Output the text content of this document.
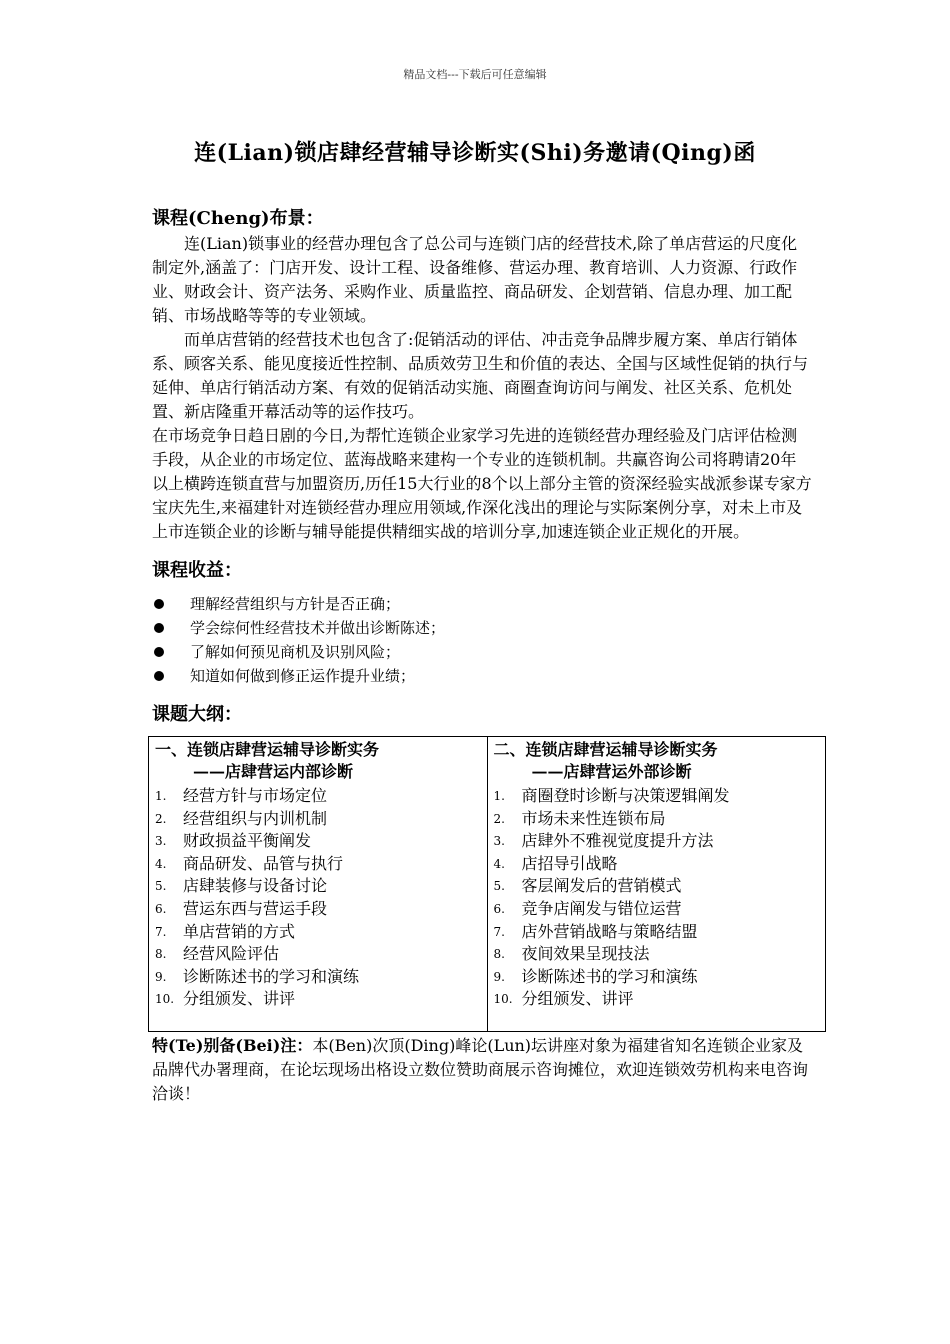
精品文档---下载后可任意编辑
连(Lian)锁店肆经营辅导诊断实(Shi)务邀请(Qing)函
课程(Cheng)布景：

连(Lian)锁事业的经营办理包含了总公司与连锁门店的经营技术,除了单店营运的尺度化制定外,涵盖了：门店开发、设计工程、设备维修、营运办理、教育培训、人力资源、行政作业、财政会计、资产法务、采购作业、质量监控、商品研发、企划营销、信息办理、加工配销、市场战略等等的专业领域。

而单店营销的经营技术也包含了:促销活动的评估、冲击竞争品牌步履方案、单店行销体系、顾客关系、能见度接近性控制、品质效劳卫生和价值的表达、全国与区域性促销的执行与延伸、单店行销活动方案、有效的促销活动实施、商圈查询访问与阐发、社区关系、危机处置、新店隆重开幕活动等的运作技巧。

在市场竞争日趋日剧的今日,为帮忙连锁企业家学习先进的连锁经营办理经验及门店评估检测手段，从企业的市场定位、蓝海战略来建构一个专业的连锁机制。共赢咨询公司将聘请20年以上横跨连锁直营与加盟资历,历任15大行业的8个以上部分主管的资深经验实战派参谋专家方宝庆先生,来福建针对连锁经营办理应用领域,作深化浅出的理论与实际案例分享，对未上市及上市连锁企业的诊断与辅导能提供精细实战的培训分享,加速连锁企业正规化的开展。

课程收益：
理解经营组织与方针是否正确；
学会综何性经营技术并做出诊断陈述；
了解如何预见商机及识别风险；
知道如何做到修正运作提升业绩；
课题大纲：
一、连锁店肆营运辅导诊断实务
——店肆营运内部诊断
1.	经营方针与市场定位
2.	经营组织与内训机制
3.	财政损益平衡阐发
4.	商品研发、品管与执行
5.	店肆装修与设备讨论
6.	营运东西与营运手段
7.	单店营销的方式
8.	经营风险评估
9.	诊断陈述书的学习和演练
10. 分组颁发、讲评

二、连锁店肆营运辅导诊断实务
——店肆营运外部诊断
1.	商圈登时诊断与决策逻辑阐发
2.	市场未来性连锁布局
3.	店肆外不雅视觉度提升方法
4.	店招导引战略
5.	客层阐发后的营销模式
6.	竞争店阐发与错位运营
7.	店外营销战略与策略结盟
8.	夜间效果呈现技法
9.	诊断陈述书的学习和演练
10. 分组颁发、讲评

特(Te)别备(Bei)注：本(Ben)次顶(Ding)峰论(Lun)坛讲座对象为福建省知名连锁企业家及品牌代办署理商，在论坛现场出格设立数位赞助商展示咨询摊位，欢迎连锁效劳机构来电咨询洽谈！
